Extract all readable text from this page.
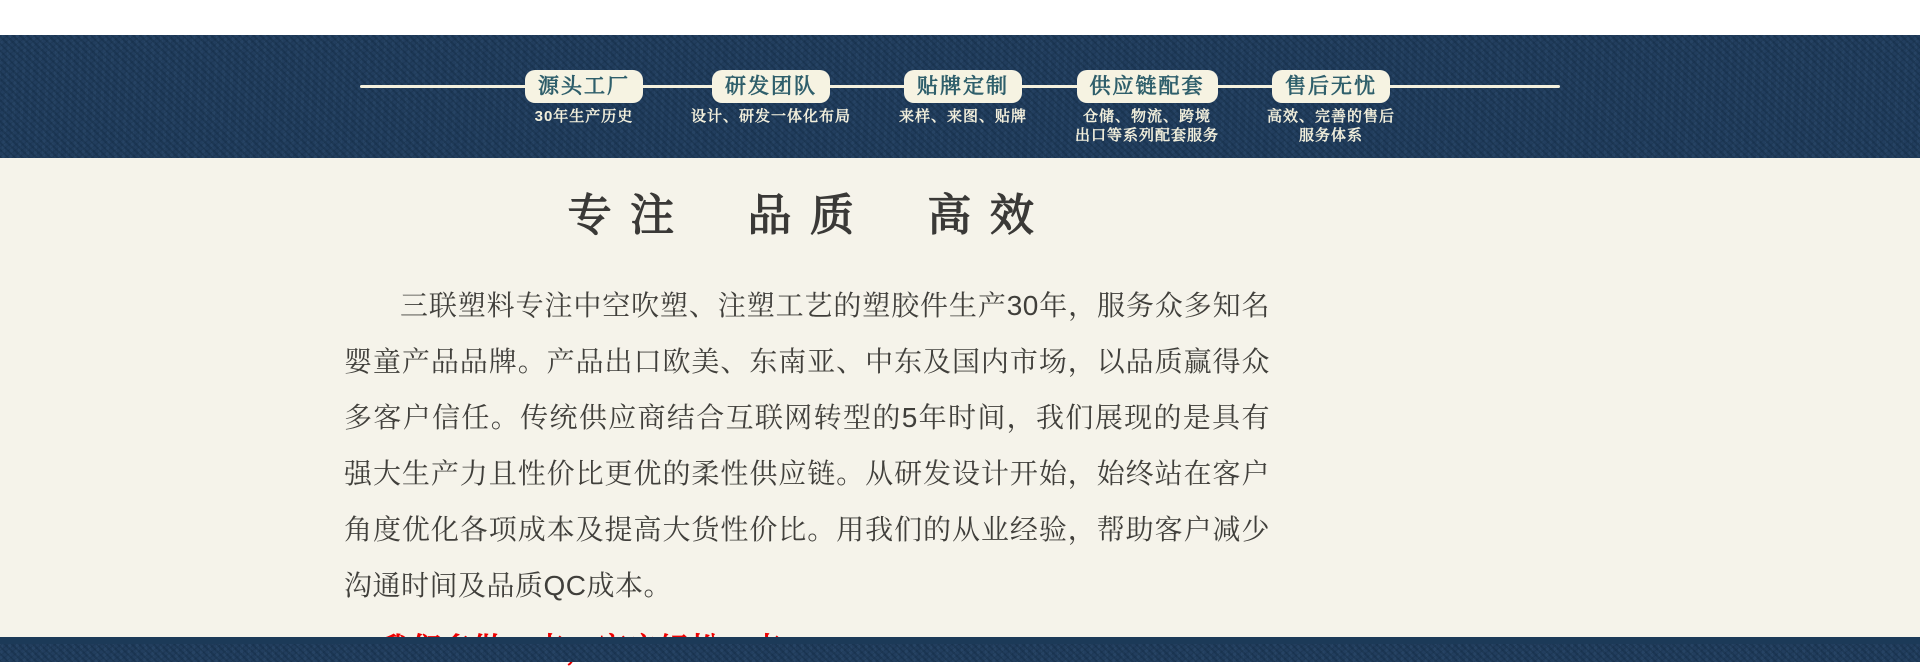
源头工厂
30年生产历史
研发团队
设计、研发一体化布局
贴牌定制
来样、来图、贴牌
供应链配套
仓储、物流、跨境
出口等系列配套服务
售后无忧
高效、完善的售后
服务体系
专注 品质 高效

三联塑料专注中空吹塑、注塑工艺的塑胶件生产30年，服务众多知名婴童产品品牌。产品出口欧美、东南亚、中东及国内市场，以品质赢得众多客户信任。传统供应商结合互联网转型的5年时间，我们展现的是具有强大生产力且性价比更优的柔性供应链。从研发设计开始，始终站在客户角度优化各项成本及提高大货性价比。用我们的从业经验，帮助客户减少沟通时间及品质QC成本。
